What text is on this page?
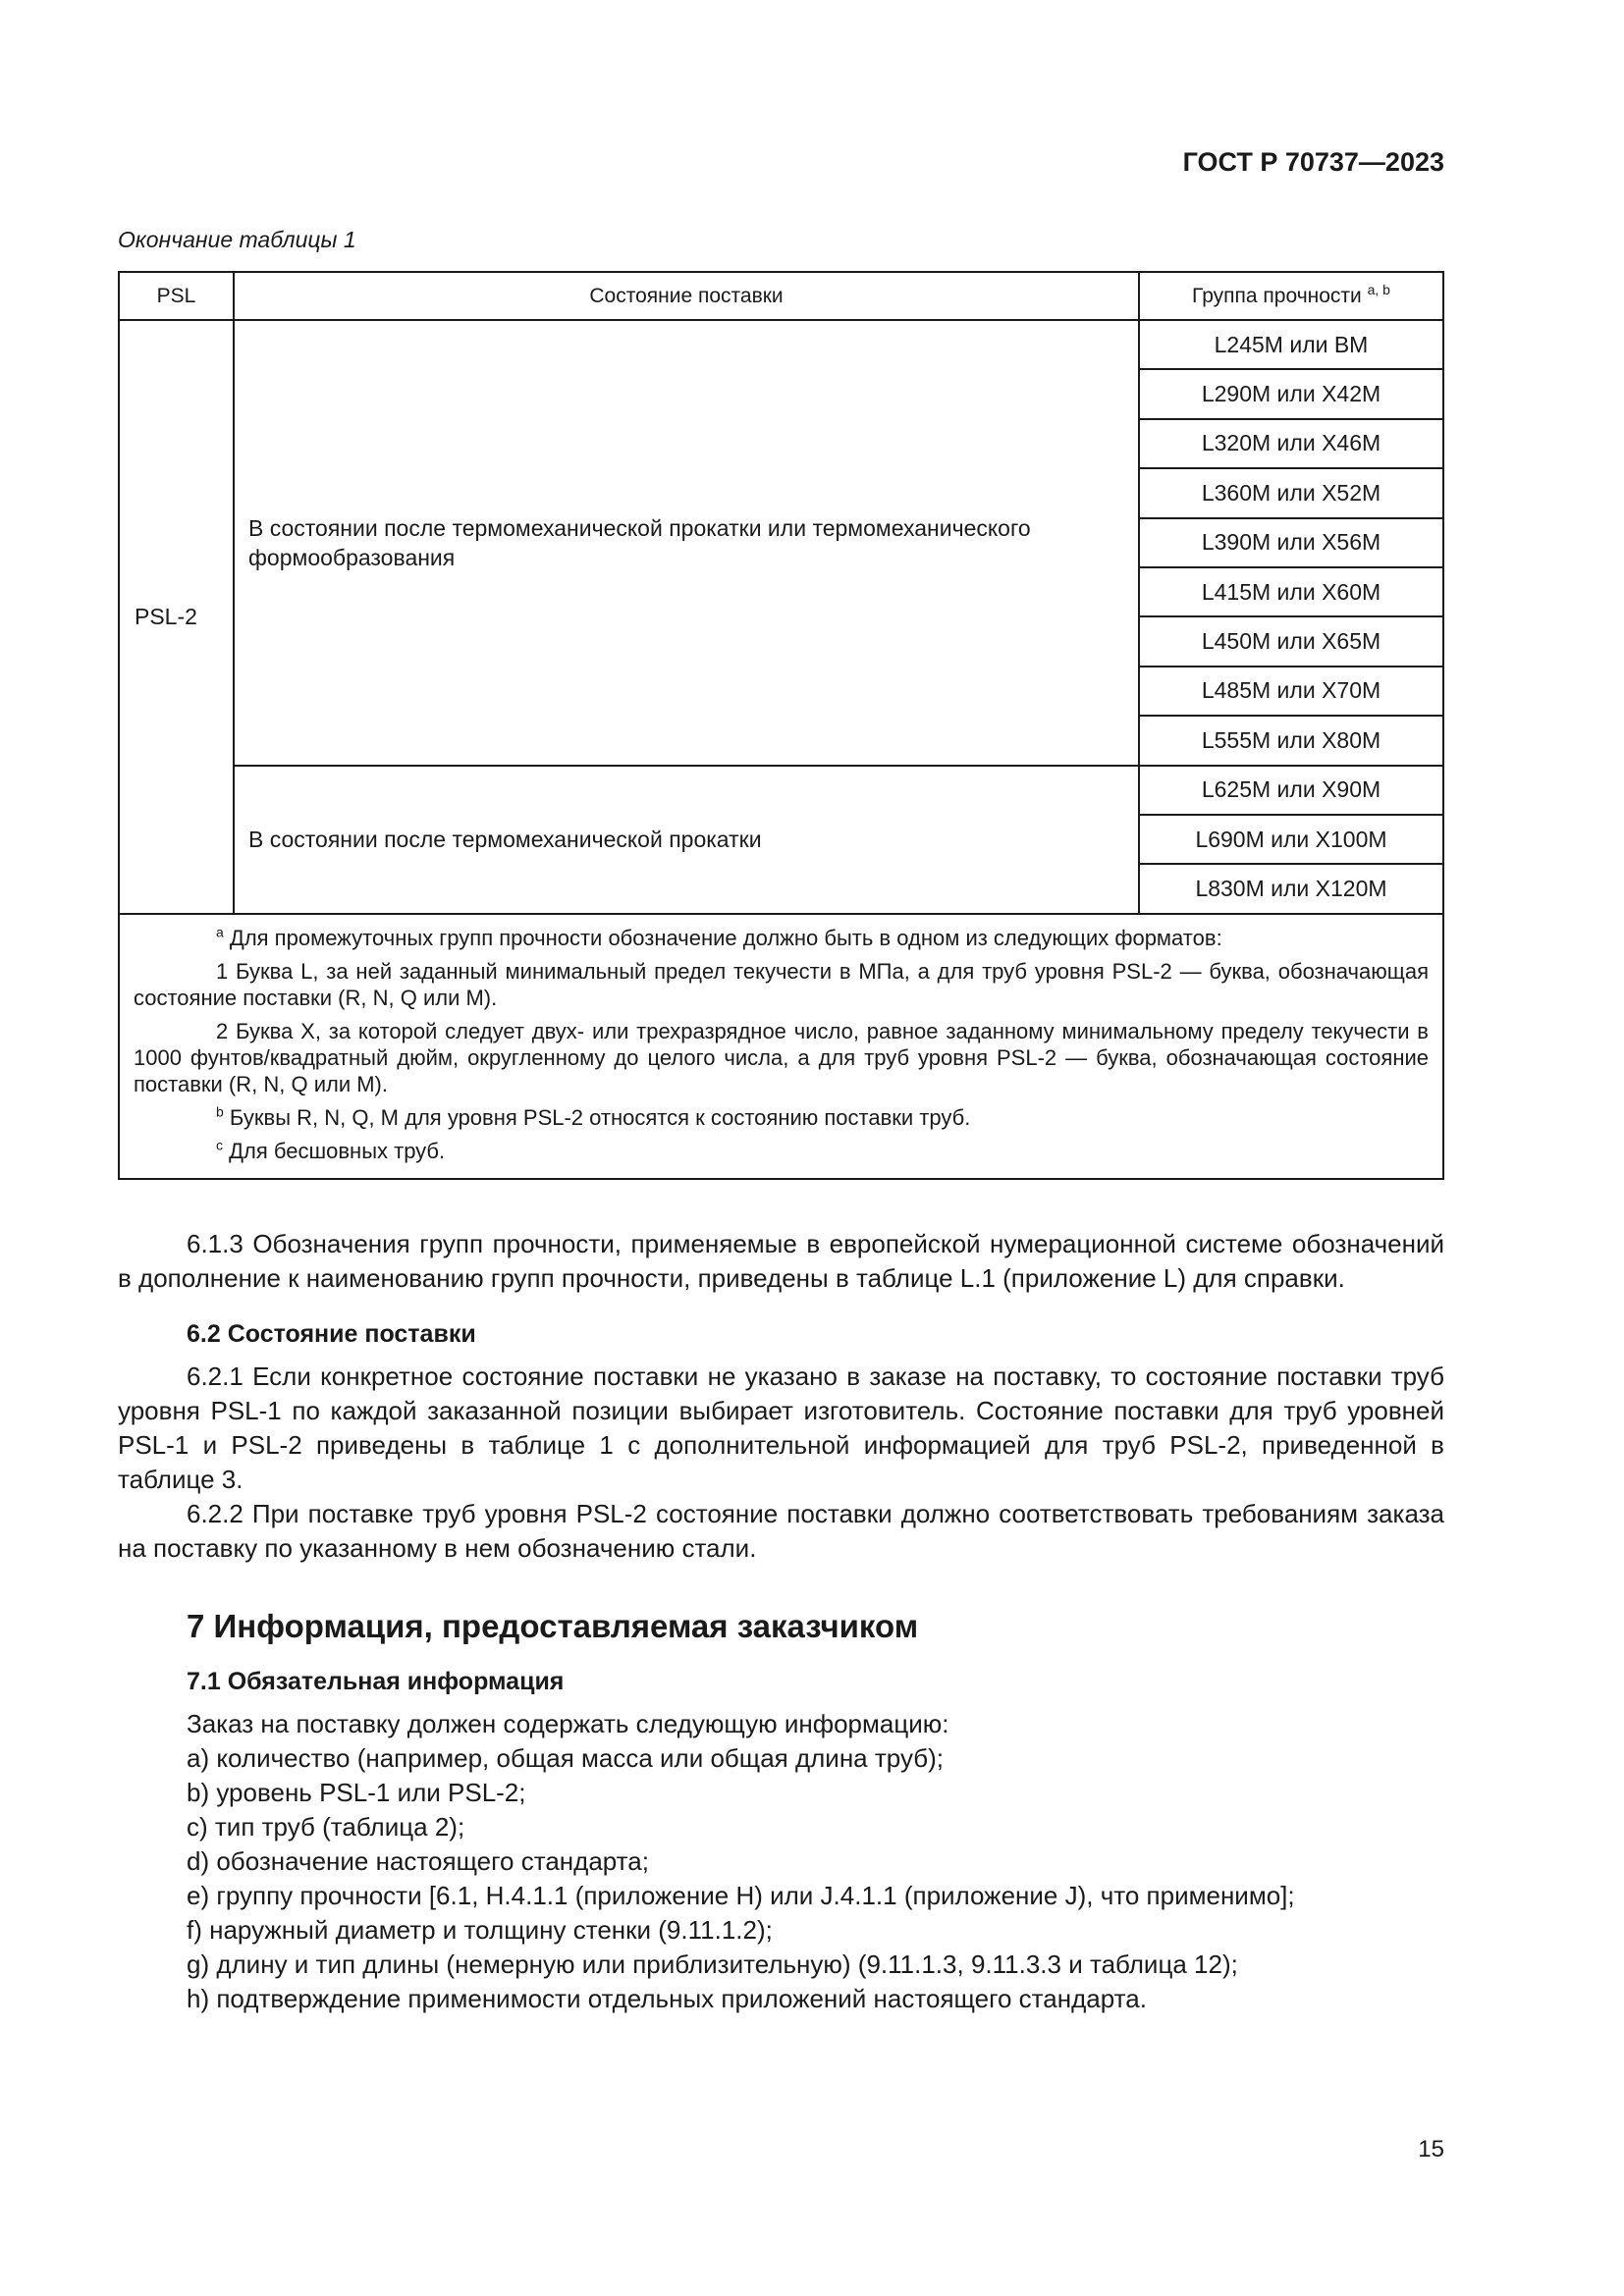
ГОСТ Р 70737—2023
Окончание таблицы 1
PSL	Состояние поставки	Группа прочности $^{a, b}$
PSL-2	В состоянии после термомеханической прокатки или термомеханического формообразования	L245M или BM
		L290M или X42M
		L320M или X46M
		L360M или X52M
		L390M или X56M
		L415M или X60M
		L450M или X65M
		L485M или X70M
		L555M или X80M
	В состоянии после термомеханической прокатки	L625M или X90M
		L690M или X100M
		L830M или X120M

$^a$ Для промежуточных групп прочности обозначение должно быть в одном из следующих форматов:

1 Буква L, за ней заданный минимальный предел текучести в МПа, а для труб уровня PSL-2 — буква, обозначающая состояние поставки (R, N, Q или M).

2 Буква X, за которой следует двух- или трехразрядное число, равное заданному минимальному пределу текучести в 1000 фунтов/квадратный дюйм, округленному до целого числа, а для труб уровня PSL-2 — буква, обозначающая состояние поставки (R, N, Q или M).

$^b$ Буквы R, N, Q, M для уровня PSL-2 относятся к состоянию поставки труб.

$^c$ Для бесшовных труб.		

6.1.3 Обозначения групп прочности, применяемые в европейской нумерационной системе обозначений в дополнение к наименованию групп прочности, приведены в таблице L.1 (приложение L) для справки.

6.2 Состояние поставки

6.2.1 Если конкретное состояние поставки не указано в заказе на поставку, то состояние поставки труб уровня PSL-1 по каждой заказанной позиции выбирает изготовитель. Состояние поставки для труб уровней PSL-1 и PSL-2 приведены в таблице 1 с дополнительной информацией для труб PSL-2, приведенной в таблице 3.

6.2.2 При поставке труб уровня PSL-2 состояние поставки должно соответствовать требованиям заказа на поставку по указанному в нем обозначению стали.

7 Информация, предоставляемая заказчиком

7.1 Обязательная информация

Заказ на поставку должен содержать следующую информацию:

a) количество (например, общая масса или общая длина труб);
b) уровень PSL-1 или PSL-2;
c) тип труб (таблица 2);
d) обозначение настоящего стандарта;
e) группу прочности [6.1, H.4.1.1 (приложение H) или J.4.1.1 (приложение J), что применимо];
f) наружный диаметр и толщину стенки (9.11.1.2);
g) длину и тип длины (немерную или приблизительную) (9.11.1.3, 9.11.3.3 и таблица 12);
h) подтверждение применимости отдельных приложений настоящего стандарта.
15
